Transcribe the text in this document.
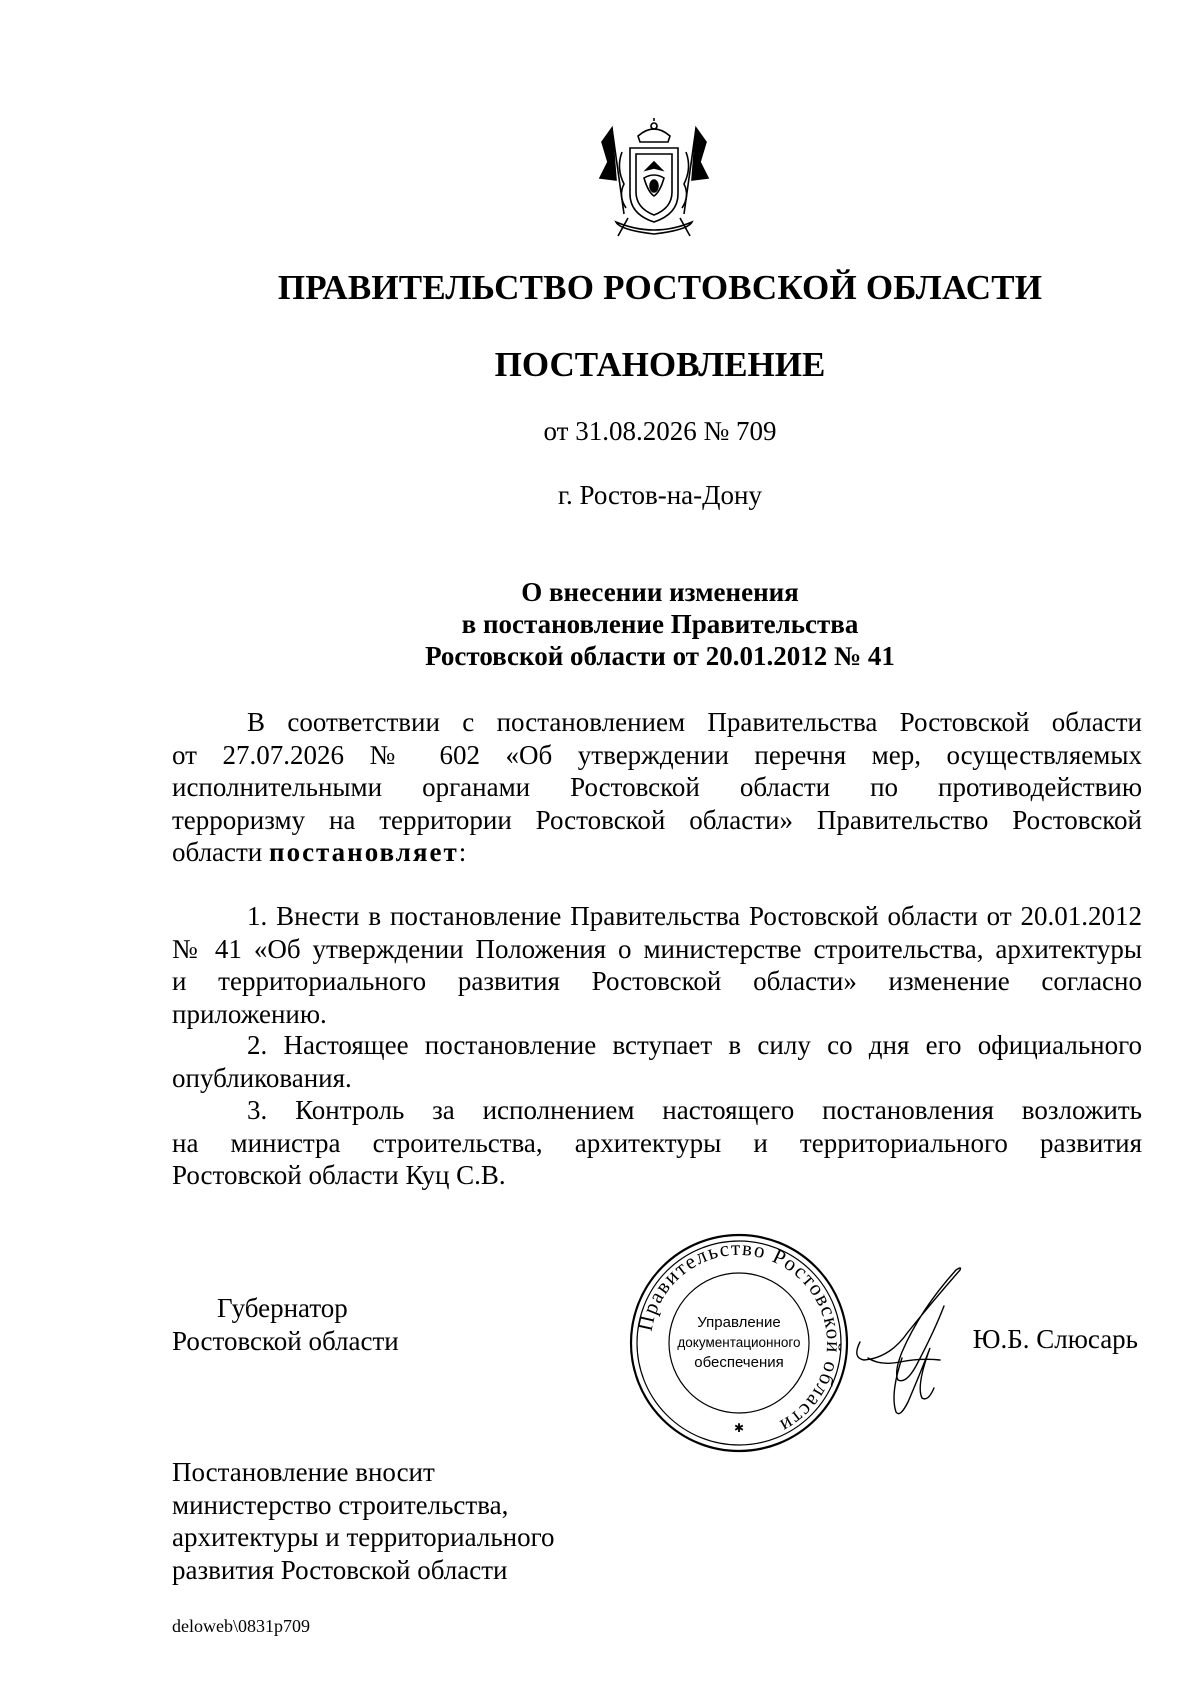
ПРАВИТЕЛЬСТВО РОСТОВСКОЙ ОБЛАСТИ
ПОСТАНОВЛЕНИЕ
от 31.08.2026 № 709
г. Ростов-на-Дону
О внесении изменения
в постановление Правительства
Ростовской области от 20.01.2012 № 41
В соответствии с постановлением Правительства Ростовской области
от 27.07.2026 № 602 «Об утверждении перечня мер, осуществляемых
исполнительными органами Ростовской области по противодействию
терроризму на территории Ростовской области» Правительство Ростовской
области постановляет:
1. Внести в постановление Правительства Ростовской области от 20.01.2012
№ 41 «Об утверждении Положения о министерстве строительства, архитектуры
и территориального развития Ростовской области» изменение согласно
приложению.
2. Настоящее постановление вступает в силу со дня его официального
опубликования.
3. Контроль за исполнением настоящего постановления возложить
на министра строительства, архитектуры и территориального развития
Ростовской области Куц С.В.
Губернатор
Ростовской области
Правительство Ростовской области
Управление
документационного
обеспечения
✱
Ю.Б. Слюсарь
Постановление вносит
министерство строительства,
архитектуры и территориального
развития Ростовской области
deloweb\0831p709
